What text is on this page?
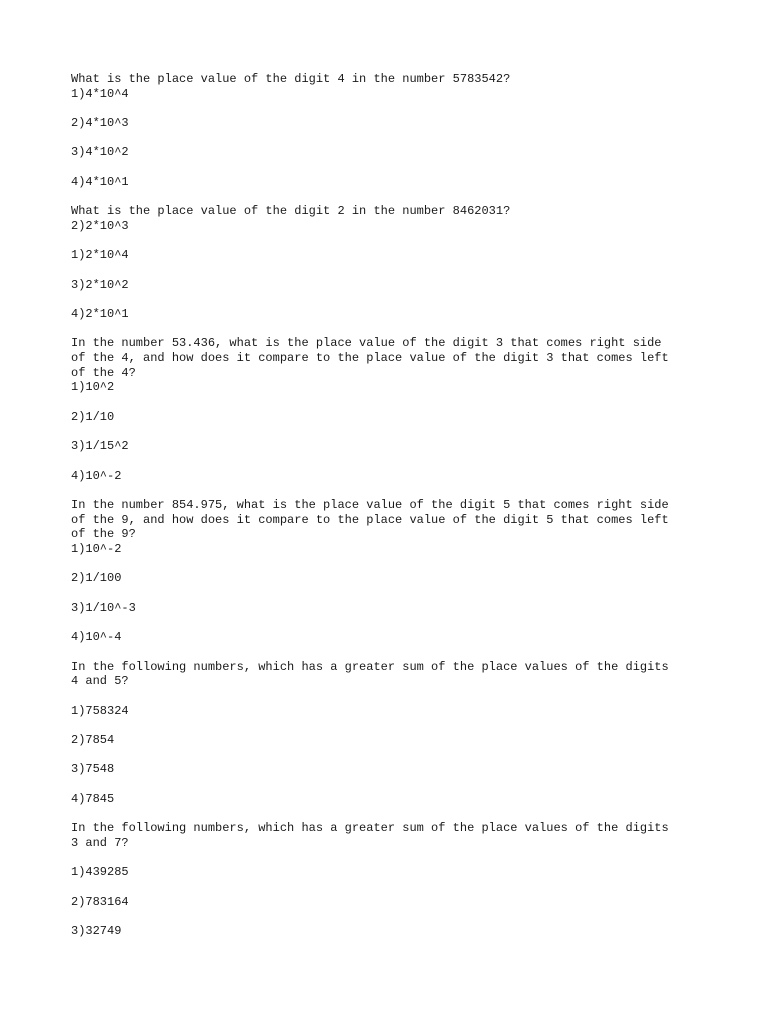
What is the place value of the digit 4 in the number 5783542?
1)4*10^4
2)4*10^3
3)4*10^2
4)4*10^1
What is the place value of the digit 2 in the number 8462031?
2)2*10^3
1)2*10^4
3)2*10^2
4)2*10^1
In the number 53.436, what is the place value of the digit 3 that comes right side
of the 4, and how does it compare to the place value of the digit 3 that comes left
of the 4?
1)10^2
2)1/10
3)1/15^2
4)10^-2
In the number 854.975, what is the place value of the digit 5 that comes right side
of the 9, and how does it compare to the place value of the digit 5 that comes left
of the 9?
1)10^-2
2)1/100
3)1/10^-3
4)10^-4
In the following numbers, which has a greater sum of the place values of the digits
4 and 5?
1)758324
2)7854
3)7548
4)7845
In the following numbers, which has a greater sum of the place values of the digits
3 and 7?
1)439285
2)783164
3)32749
